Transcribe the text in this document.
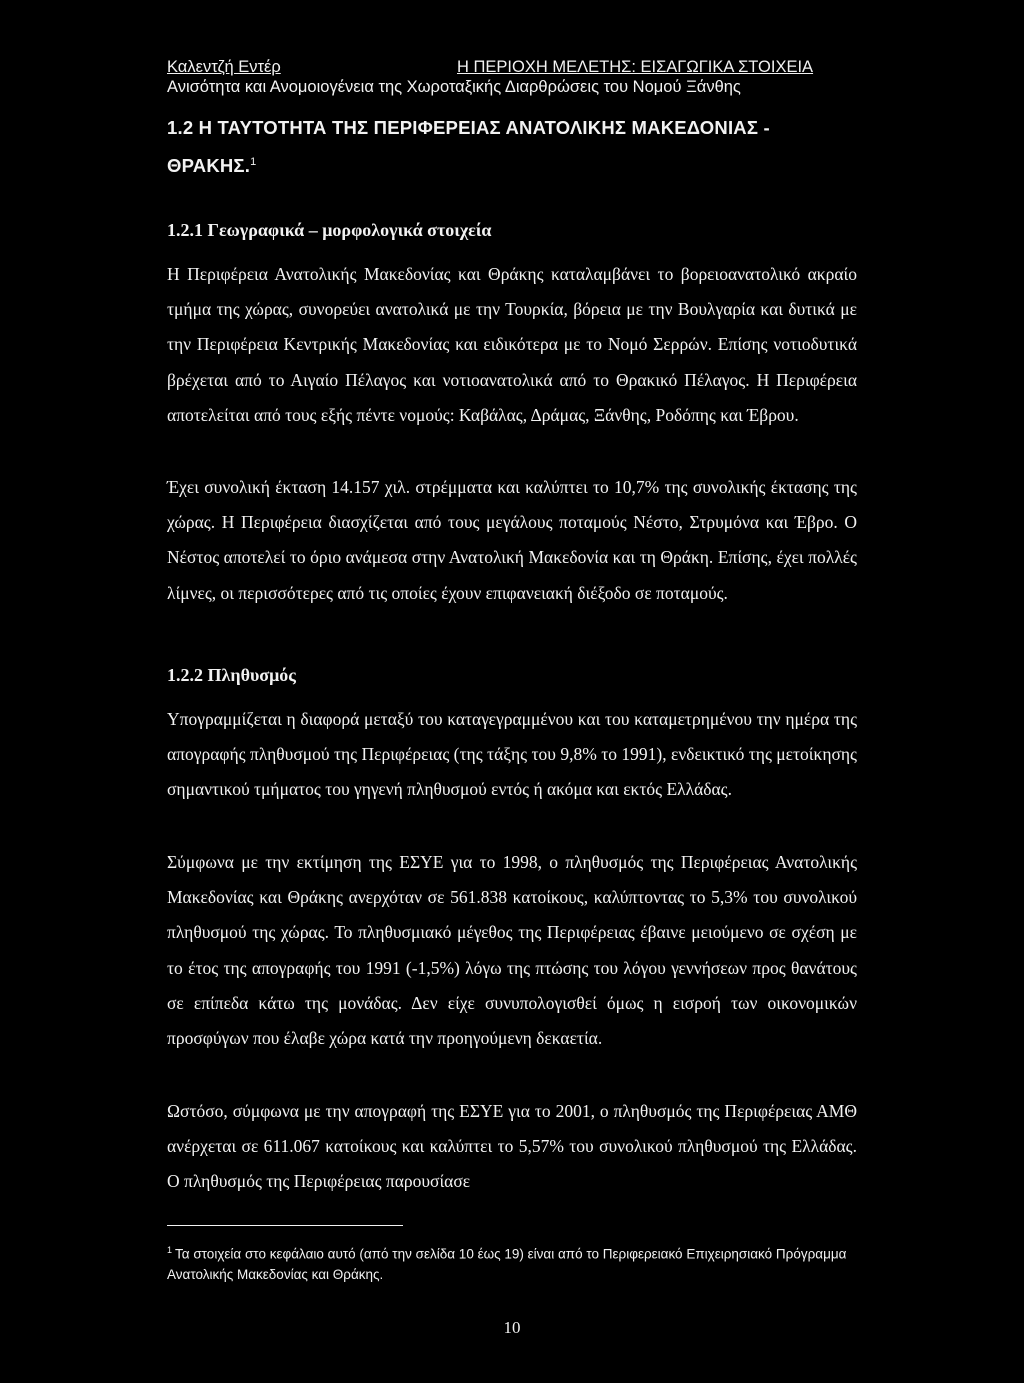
Καλεντζή Εντέρ	Η ΠΕΡΙΟΧΗ ΜΕΛΕΤΗΣ: ΕΙΣΑΓΩΓΙΚΑ ΣΤΟΙΧΕΙΑ
Ανισότητα και Ανομοιογένεια της Χωροταξικής Διαρθρώσεις του Νομού Ξάνθης
1.2 Η ΤΑΥΤΟΤΗΤΑ ΤΗΣ ΠΕΡΙΦΕΡΕΙΑΣ ΑΝΑΤΟΛΙΚΗΣ ΜΑΚΕΔΟΝΙΑΣ - ΘΡΑΚΗΣ.$^1$
1.2.1 Γεωγραφικά – μορφολογικά στοιχεία

Η Περιφέρεια Ανατολικής Μακεδονίας και Θράκης καταλαμβάνει το βορειοανατολικό ακραίο τμήμα της χώρας, συνορεύει ανατολικά με την Τουρκία, βόρεια με την Βουλγαρία και δυτικά με την Περιφέρεια Κεντρικής Μακεδονίας και ειδικότερα με το Νομό Σερρών. Επίσης νοτιοδυτικά βρέχεται από το Αιγαίο Πέλαγος και νοτιοανατολικά από το Θρακικό Πέλαγος. Η Περιφέρεια αποτελείται από τους εξής πέντε νομούς: Καβάλας, Δράμας, Ξάνθης, Ροδόπης και Έβρου.

Έχει συνολική έκταση 14.157 χιλ. στρέμματα και καλύπτει το 10,7% της συνολικής έκτασης της χώρας. Η Περιφέρεια διασχίζεται από τους μεγάλους ποταμούς Νέστο, Στρυμόνα και Έβρο. Ο Νέστος αποτελεί το όριο ανάμεσα στην Ανατολική Μακεδονία και τη Θράκη. Επίσης, έχει πολλές λίμνες, οι περισσότερες από τις οποίες έχουν επιφανειακή διέξοδο σε ποταμούς.

1.2.2 Πληθυσμός

Υπογραμμίζεται η διαφορά μεταξύ του καταγεγραμμένου και του καταμετρημένου την ημέρα της απογραφής πληθυσμού της Περιφέρειας (της τάξης του 9,8% το 1991), ενδεικτικό της μετοίκησης σημαντικού τμήματος του γηγενή πληθυσμού εντός ή ακόμα και εκτός Ελλάδας.

Σύμφωνα με την εκτίμηση της ΕΣΥΕ για το 1998, ο πληθυσμός της Περιφέρειας Ανατολικής Μακεδονίας και Θράκης ανερχόταν σε 561.838 κατοίκους, καλύπτοντας το 5,3% του συνολικού πληθυσμού της χώρας. Το πληθυσμιακό μέγεθος της Περιφέρειας έβαινε μειούμενο σε σχέση με το έτος της απογραφής του 1991 (-1,5%) λόγω της πτώσης του λόγου γεννήσεων προς θανάτους σε επίπεδα κάτω της μονάδας. Δεν είχε συνυπολογισθεί όμως η εισροή των οικονομικών προσφύγων που έλαβε χώρα κατά την προηγούμενη δεκαετία.

Ωστόσο, σύμφωνα με την απογραφή της ΕΣΥΕ για το 2001, ο πληθυσμός της Περιφέρειας ΑΜΘ ανέρχεται σε 611.067 κατοίκους και καλύπτει το 5,57% του συνολικού πληθυσμού της Ελλάδας. Ο πληθυσμός της Περιφέρειας παρουσίασε

$^1$ Τα στοιχεία στο κεφάλαιο αυτό (από την σελίδα 10 έως 19) είναι από το Περιφερειακό Επιχειρησιακό Πρόγραμμα Ανατολικής Μακεδονίας και Θράκης.
10
